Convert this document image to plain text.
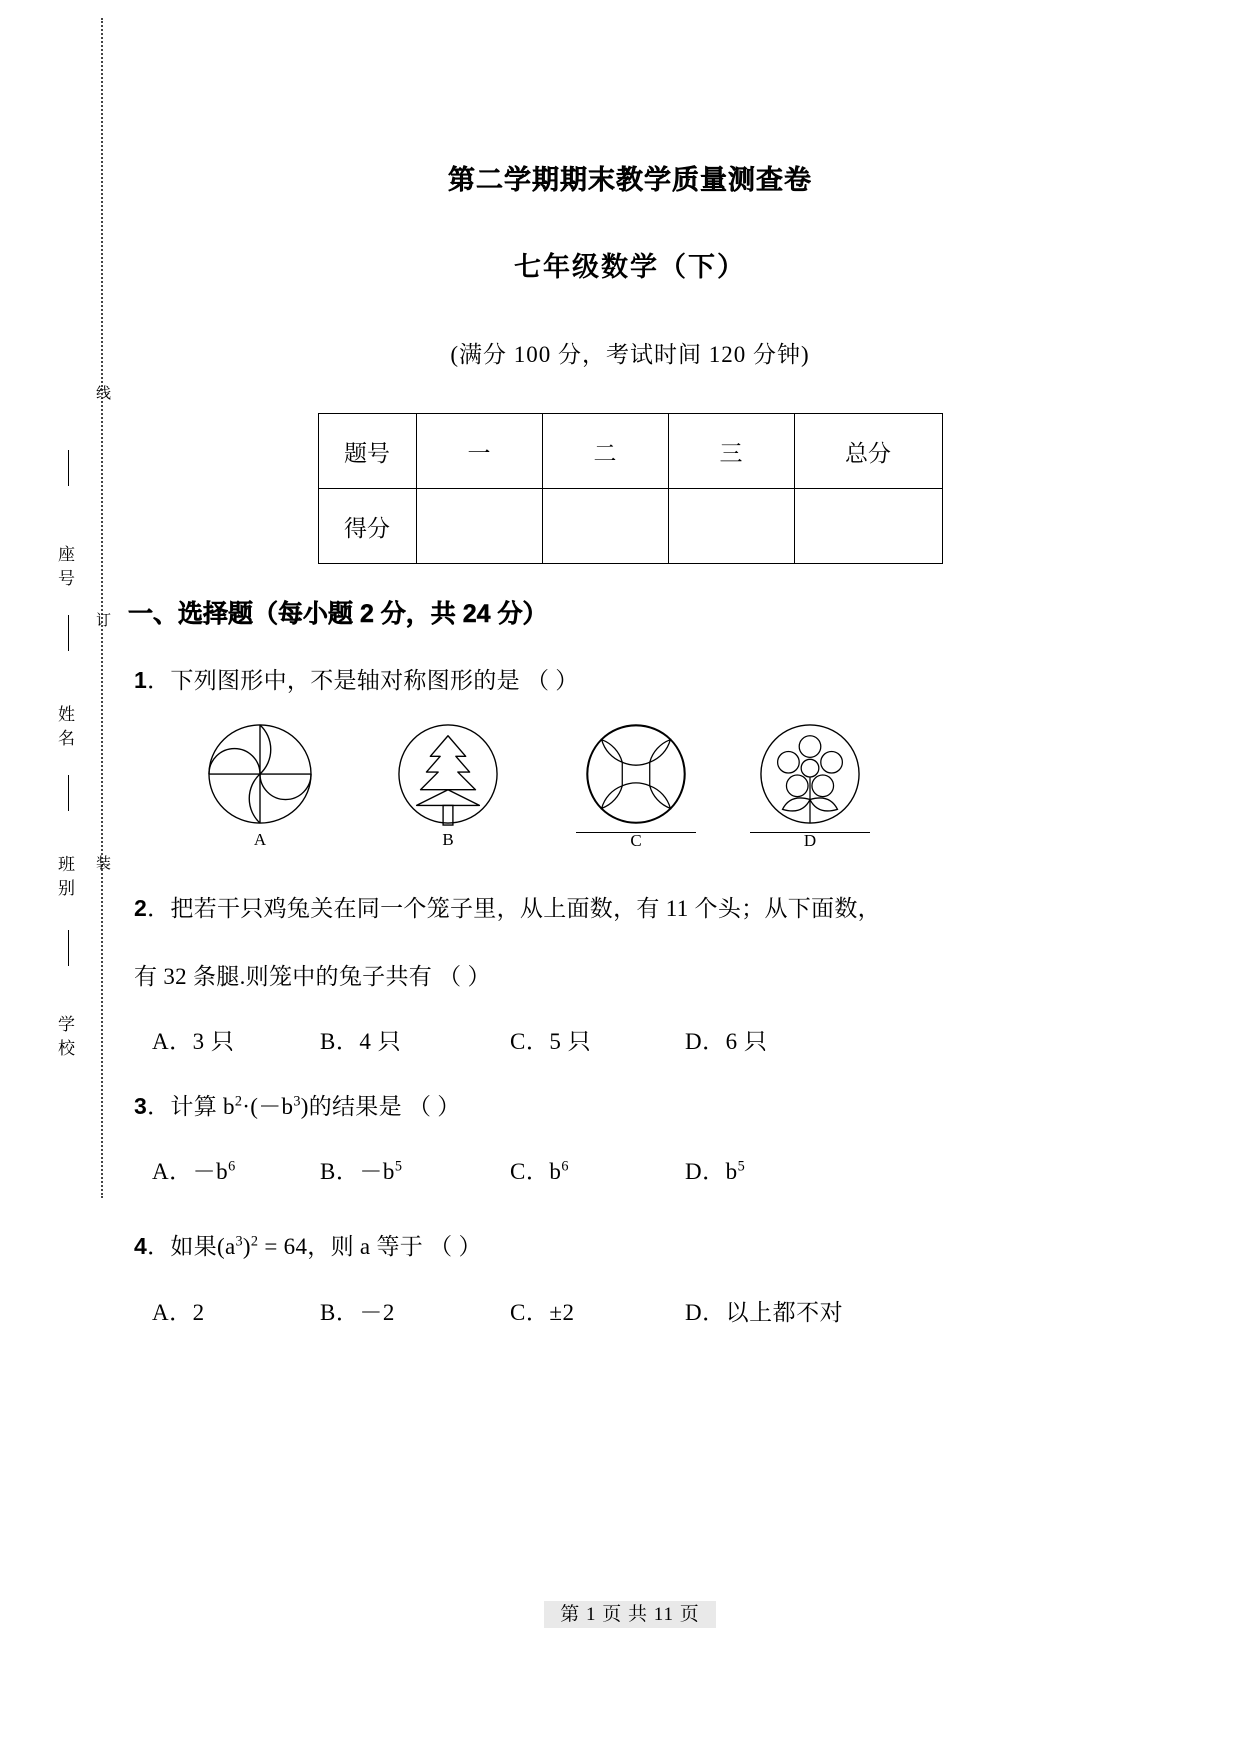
线
订
装
座号
姓名
班别
学校
第二学期期末教学质量测查卷
七年级数学（下）
(满分 100 分，考试时间 120 分钟)
题号	一	二	三	总分
得分				
一、选择题（每小题 2 分，共 24 分）
1．下列图形中，不是轴对称图形的是 （ ）
A	B	C	D
2．把若干只鸡兔关在同一个笼子里，从上面数，有 11 个头；从下面数，
有 32 条腿.则笼中的兔子共有 （ ）
A．3 只	B．4 只	C．5 只	D．6 只
3．计算 $b^2\cdot(-b^3)$的结果是 （ ）
A．$-b^6$	B．$-b^5$	C．$b^6$	D．$b^5$
4．如果$(a^3)^2 = 64$，则 a 等于 （ ）
A．2	B．－2	C．±2	D．以上都不对
第 1 页 共 11 页
